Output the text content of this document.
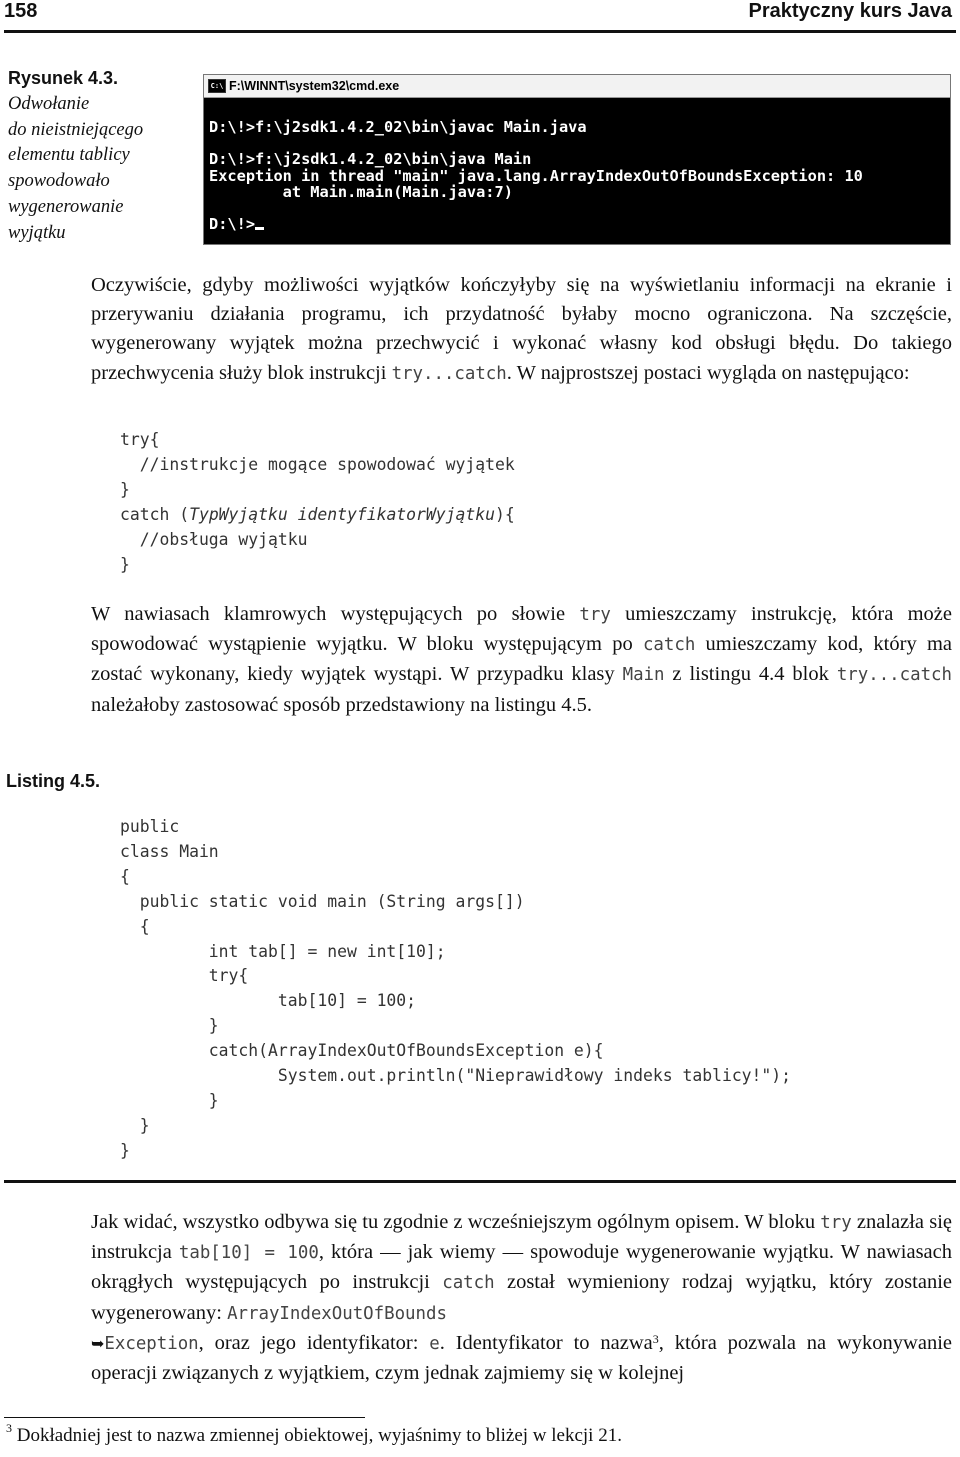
158	Praktyczny kurs Java
Rysunek 4.3.
Odwołanie
do nieistniejącego
elementu tablicy
spowodowało
wygenerowanie
wyjątku
C:\ F:\WINNT\system32\cmd.exe
D:\!>f:\j2sdk1.4.2_02\bin\javac Main.java

D:\!>f:\j2sdk1.4.2_02\bin\java Main
Exception in thread "main" java.lang.ArrayIndexOutOfBoundsException: 10
at Main.main(Main.java:7)

D:\!>
Oczywiście, gdyby możliwości wyjątków kończyłyby się na wyświetlaniu informacji na ekranie i przerywaniu działania programu, ich przydatność byłaby mocno ograniczona. Na szczęście, wygenerowany wyjątek można przechwycić i wykonać własny kod obsługi błędu. Do takiego przechwycenia służy blok instrukcji try...catch. W najprostszej postaci wygląda on następująco:
try{
//instrukcje mogące spowodować wyjątek
}
catch (TypWyjątku identyfikatorWyjątku){
//obsługa wyjątku
}
W nawiasach klamrowych występujących po słowie try umieszczamy instrukcję, która może spowodować wystąpienie wyjątku. W bloku występującym po catch umieszczamy kod, który ma zostać wykonany, kiedy wyjątek wystąpi. W przypadku klasy Main z listingu 4.4 blok try...catch należałoby zastosować sposób przedstawiony na listingu 4.5.
Listing 4.5.
public
class Main
{
public static void main (String args[])
{
int tab[] = new int[10];
try{
tab[10] = 100;
}
catch(ArrayIndexOutOfBoundsException e){
System.out.println("Nieprawidłowy indeks tablicy!");
}
}
}
Jak widać, wszystko odbywa się tu zgodnie z wcześniejszym ogólnym opisem. W bloku try znalazła się instrukcja tab[10] = 100, która — jak wiemy — spowoduje wygenerowanie wyjątku. W nawiasach okrągłych występujących po instrukcji catch został wymieniony rodzaj wyjątku, który zostanie wygenerowany: ArrayIndexOutOfBounds
➥Exception, oraz jego identyfikator: e. Identyfikator to nazwa$^3$, która pozwala na wykonywanie operacji związanych z wyjątkiem, czym jednak zajmiemy się w kolejnej
$^3$ Dokładniej jest to nazwa zmiennej obiektowej, wyjaśnimy to bliżej w lekcji 21.
